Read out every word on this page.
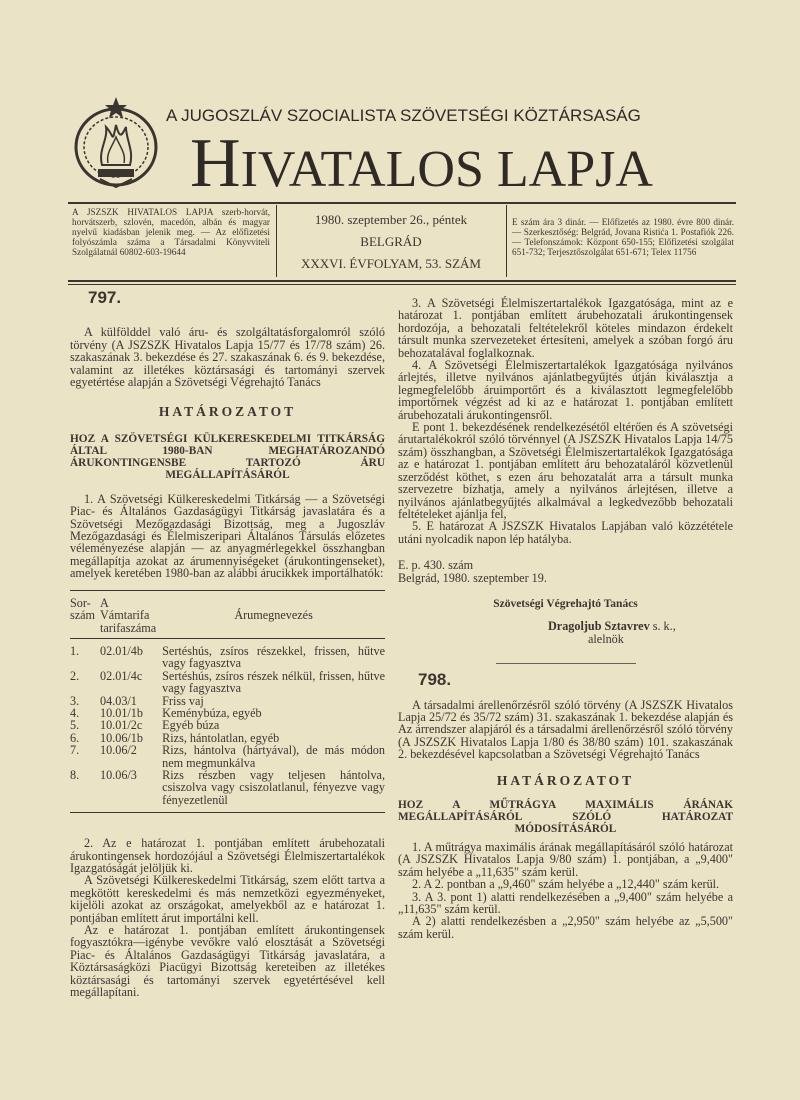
A JUGOSZLÁV SZOCIALISTA SZÖVETSÉGI KÖZTÁRSASÁG
HIVATALOS LAPJA
A JSZSZK HIVATALOS LAPJA szerb-horvát, horvátszerb, szlovén, macedón, albán és magyar nyelvű kiadásban jelenik meg. — Az előfizetési folyószámla száma a Társadalmi Könyvviteli Szolgálatnál 60802-603-19644
1980. szeptember 26., péntek
BELGRÁD
XXXVI. ÉVFOLYAM, 53. SZÁM
E szám ára 3 dinár. — Előfizetés az 1980. évre 800 dinár. — Szerkesztőség: Belgrád, Jovana Ristića 1. Postafiók 226. — Telefonszámok: Központ 650-155; Előfizetési szolgálat 651-732; Terjesztőszolgálat 651-671; Telex 11756
797.

A külfölddel való áru- és szolgáltatásforgalomról szóló törvény (A JSZSZK Hivatalos Lapja 15/77 és 17/78 szám) 26. szakaszának 3. bekezdése és 27. szakaszának 6. és 9. bekezdése, valamint az illetékes köztársasági és tartományi szervek egyetértése alapján a Szövetségi Végrehajtó Tanács

HATÁROZATOT
HOZ A SZÖVETSÉGI KÜLKERESKEDELMI TITKÁRSÁG ÁLTAL 1980-BAN MEGHATÁROZANDÓ ÁRUKONTINGENSBE TARTOZÓ ÁRU MEGÁLLAPÍTÁSÁRÓL

1. A Szövetségi Külkereskedelmi Titkárság — a Szövetségi Piac- és Általános Gazdaságügyi Titkárság javaslatára és a Szövetségi Mezőgazdasági Bizottság, meg a Jugoszláv Mezőgazdasági és Élelmiszeripari Általános Társulás előzetes véleményezése alapján — az anyagmérlegekkel összhangban megállapítja azokat az árumennyiségeket (árukontingenseket), amelyek keretében 1980-ban az alábbi árucikkek importálhatók:

Sor-szám	A Vámtarifa tarifaszáma	Árumegnevezés

1.	02.01/4b	Sertéshús, zsíros részekkel, frissen, hűtve vagy fagyasztva
2.	02.01/4c	Sertéshús, zsíros részek nélkül, frissen, hűtve vagy fagyasztva
3.	04.03/1	Friss vaj
4.	10.01/1b	Keménybúza, egyéb
5.	10.01/2c	Egyéb búza
6.	10.06/1b	Rizs, hántolatlan, egyéb
7.	10.06/2	Rizs, hántolva (hártyával), de más módon nem megmunkálva
8.	10.06/3	Rizs részben vagy teljesen hántolva, csiszolva vagy csiszolatlanul, fényezve vagy fényezetlenül

2. Az e határozat 1. pontjában említett árubehozatali árukontingensek hordozójául a Szövetségi Élelmiszertartalékok Igazgatóságát jelöljük ki.

A Szövetségi Külkereskedelmi Titkárság, szem előtt tartva a megkötött kereskedelmi és más nemzetközi egyezményeket, kijelöli azokat az országokat, amelyekből az e határozat 1. pontjában említett árut importálni kell.

Az e határozat 1. pontjában említett árukontingensek fogyasztókra—igénybe vevőkre való elosztását a Szövetségi Piac- és Általános Gazdaságügyi Titkárság javaslatára, a Köztársaságközi Piacügyi Bizottság kereteiben az illetékes köztársasági és tartományi szervek egyetértésével kell megállapítani.

3. A Szövetségi Élelmiszertartalékok Igazgatósága, mint az e határozat 1. pontjában említett árubehozatali árukontingensek hordozója, a behozatali feltételekről köteles mindazon érdekelt társult munka szervezeteket értesíteni, amelyek a szóban forgó áru behozatalával foglalkoznak.

4. A Szövetségi Élelmiszertartalékok Igazgatósága nyilvános árlejtés, illetve nyilvános ajánlatbegyűjtés útján kiválasztja a legmegfelelőbb áruimportőrt és a kiválasztott legmegfelelőbb importőrnek végzést ad ki az e határozat 1. pontjában említett árubehozatali árukontingensről.

E pont 1. bekezdésének rendelkezésétől eltérően és A szövetségi árutartalékokról szóló törvénnyel (A JSZSZK Hivatalos Lapja 14/75 szám) összhangban, a Szövetségi Élelmiszertartalékok Igazgatósága az e határozat 1. pontjában említett áru behozataláról közvetlenül szerződést köthet, s ezen áru behozatalát arra a társult munka szervezetre bízhatja, amely a nyilvános árlejtésen, illetve a nyilvános ajánlatbegyűjtés alkalmával a legkedvezőbb behozatali feltételeket ajánlja fel,

5. E határozat A JSZSZK Hivatalos Lapjában való közzététele utáni nyolcadik napon lép hatályba.

E. p. 430. szám
Belgrád, 1980. szeptember 19.
Szövetségi Végrehajtó Tanács
Dragoljub Sztavrev s. k.,
alelnök
798.

A társadalmi árellenőrzésről szóló törvény (A JSZSZK Hivatalos Lapja 25/72 és 35/72 szám) 31. szakaszának 1. bekezdése alapján és Az árrendszer alapjáról és a társadalmi árellenőrzésről szóló törvény (A JSZSZK Hivatalos Lapja 1/80 és 38/80 szám) 101. szakaszának 2. bekezdésével kapcsolatban a Szövetségi Végrehajtó Tanács

HATÁROZATOT
HOZ A MŰTRÁGYA MAXIMÁLIS ÁRÁNAK MEGÁLLAPÍTÁSÁRÓL SZÓLÓ HATÁROZAT MÓDOSÍTÁSÁRÓL

1. A műtrágya maximális árának megállapításáról szóló határozat (A JSZSZK Hivatalos Lapja 9/80 szám) 1. pontjában, a „9,400" szám helyébe a „11,635" szám kerül.

2. A 2. pontban a „9,460" szám helyébe a „12,440" szám kerül.

3. A 3. pont 1) alatti rendelkezésében a „9,400" szám helyébe a „11,635" szám kerül.

A 2) alatti rendelkezésben a „2,950" szám helyébe az „5,500" szám kerül.
